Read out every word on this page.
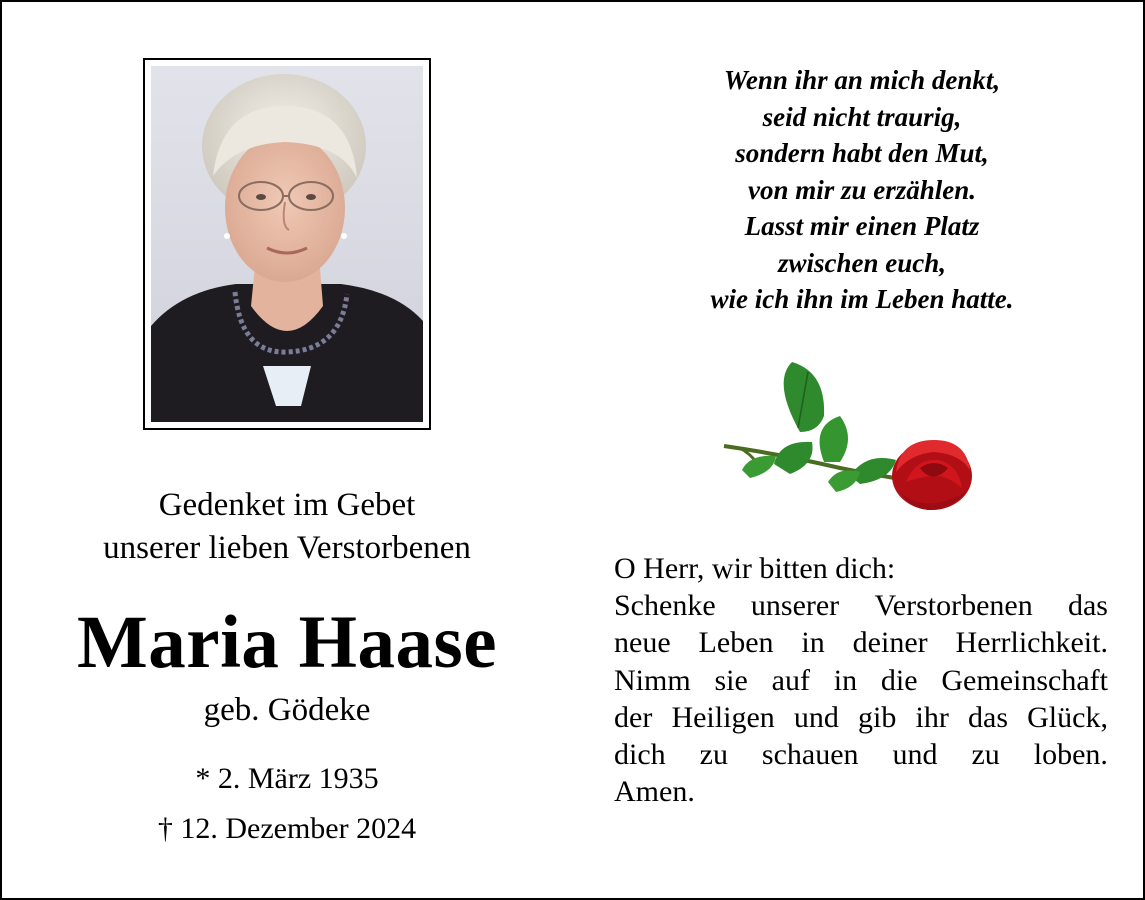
Gedenket im Gebet
unserer lieben Verstorbenen
Maria Haase
geb. Gödeke
* 2. März 1935
† 12. Dezember 2024
Wenn ihr an mich denkt,
seid nicht traurig,
sondern habt den Mut,
von mir zu erzählen.
Lasst mir einen Platz
zwischen euch,
wie ich ihn im Leben hatte.
O Herr, wir bitten dich:
Schenke unserer Verstorbenen das
neue Leben in deiner Herrlichkeit.
Nimm sie auf in die Gemeinschaft
der Heiligen und gib ihr das Glück,
dich zu schauen und zu loben.
Amen.
